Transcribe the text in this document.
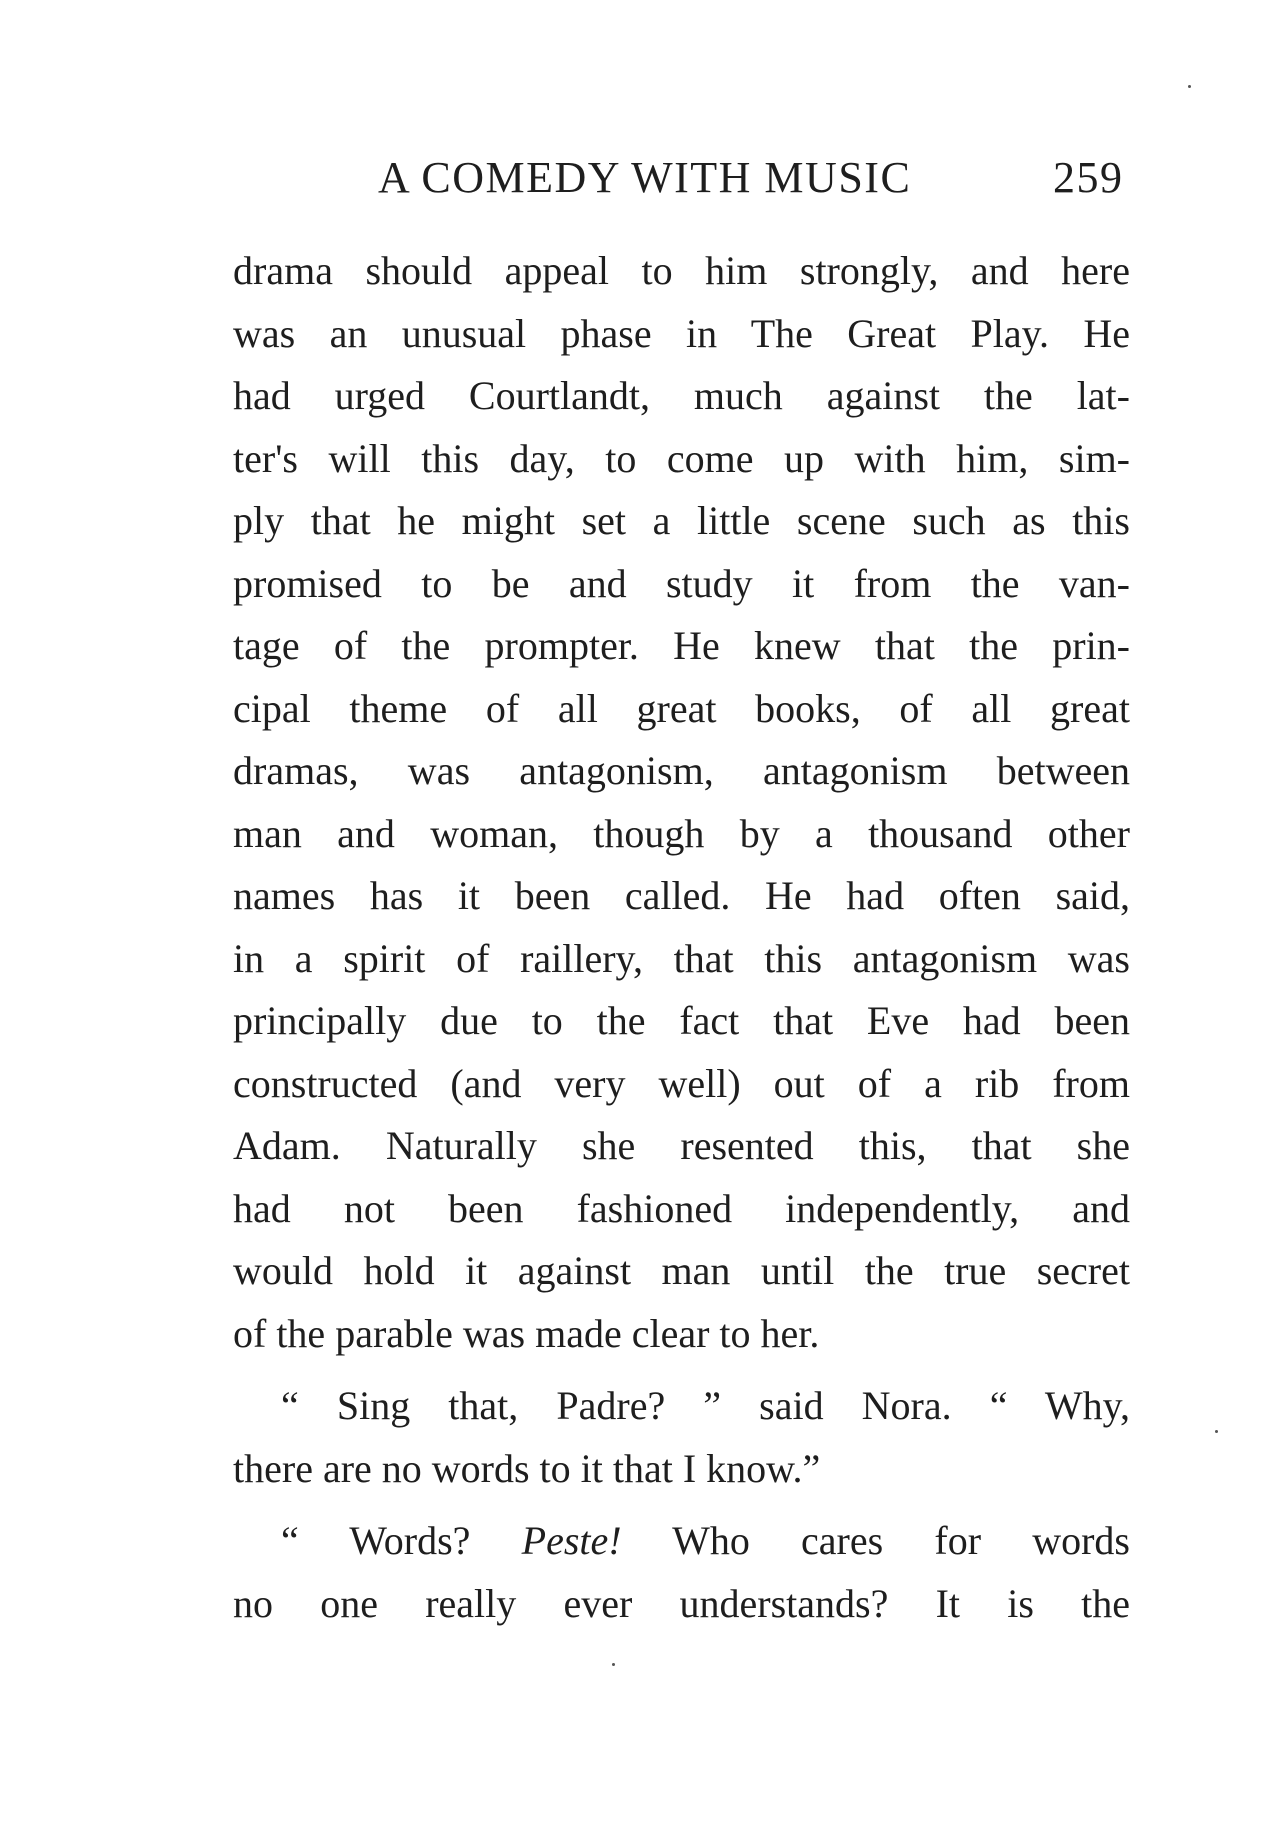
A COMEDY WITH MUSIC	259
drama should appeal to him strongly, and here
was an unusual phase in The Great Play. He
had urged Courtlandt, much against the lat-
ter's will this day, to come up with him, sim-
ply that he might set a little scene such as this
promised to be and study it from the van-
tage of the prompter. He knew that the prin-
cipal theme of all great books, of all great
dramas, was antagonism, antagonism between
man and woman, though by a thousand other
names has it been called. He had often said,
in a spirit of raillery, that this antagonism was
principally due to the fact that Eve had been
constructed (and very well) out of a rib from
Adam. Naturally she resented this, that she
had not been fashioned independently, and
would hold it against man until the true secret
of the parable was made clear to her.
“ Sing that, Padre? ” said Nora. “ Why,
there are no words to it that I know.”
“ Words? Peste! Who cares for words
no one really ever understands? It is the
